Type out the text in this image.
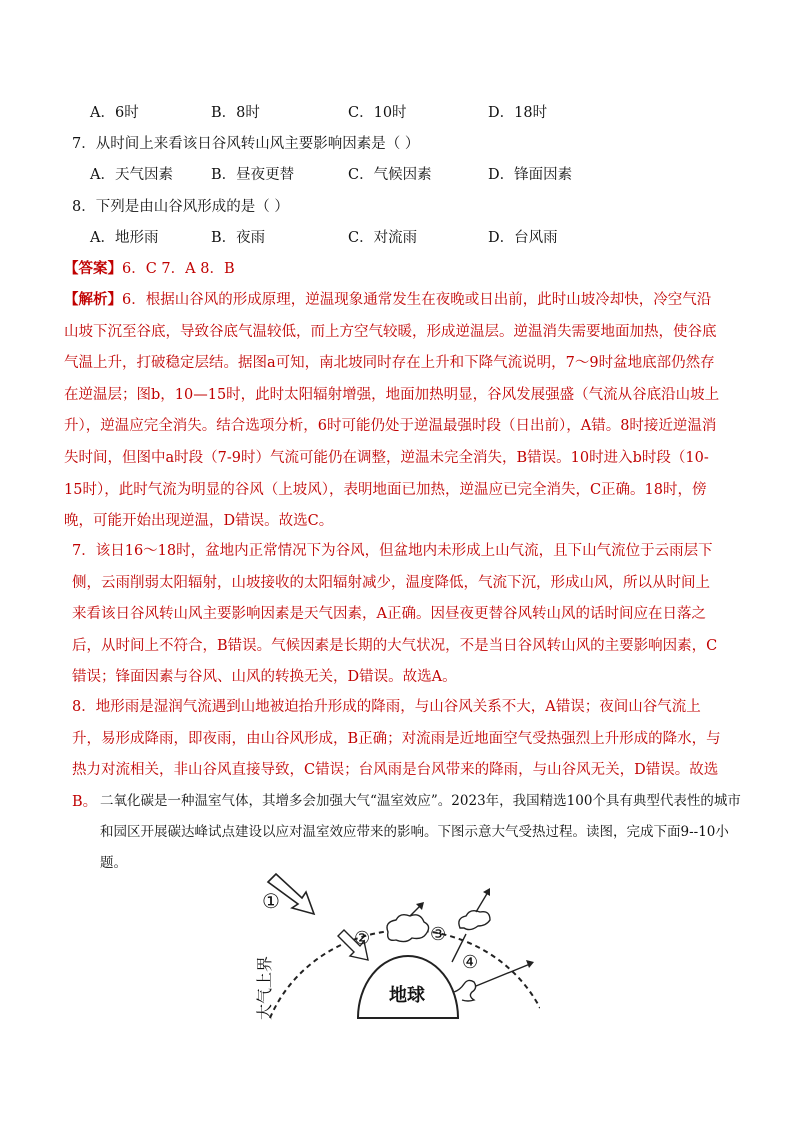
A．6时	B．8时	C．10时	D．18时
7．从时间上来看该日谷风转山风主要影响因素是（ ）
A．天气因素	B．昼夜更替	C．气候因素	D．锋面因素
8．下列是由山谷风形成的是（ ）
A．地形雨	B．夜雨	C．对流雨	D．台风雨
【答案】6．C 7．A 8．B
【解析】6．根据山谷风的形成原理，逆温现象通常发生在夜晚或日出前，此时山坡冷却快，冷空气沿山坡下沉至谷底，导致谷底气温较低，而上方空气较暖，形成逆温层。逆温消失需要地面加热，使谷底气温上升，打破稳定层结。据图a可知，南北坡同时存在上升和下降气流说明，7～9时盆地底部仍然存在逆温层；图b，10—15时，此时太阳辐射增强，地面加热明显，谷风发展强盛（气流从谷底沿山坡上升），逆温应完全消失。结合选项分析，6时可能仍处于逆温最强时段（日出前），A错。8时接近逆温消失时间，但图中a时段（7-9时）气流可能仍在调整，逆温未完全消失，B错误。10时进入b时段（10-15时），此时气流为明显的谷风（上坡风），表明地面已加热，逆温应已完全消失，C正确。18时，傍晚，可能开始出现逆温，D错误。故选C。
7．该日16～18时，盆地内正常情况下为谷风，但盆地内未形成上山气流，且下山气流位于云雨层下侧，云雨削弱太阳辐射，山坡接收的太阳辐射减少，温度降低，气流下沉，形成山风，所以从时间上来看该日谷风转山风主要影响因素是天气因素，A正确。因昼夜更替谷风转山风的话时间应在日落之后，从时间上不符合，B错误。气候因素是长期的大气状况，不是当日谷风转山风的主要影响因素，C错误；锋面因素与谷风、山风的转换无关，D错误。故选A。
8．地形雨是湿润气流遇到山地被迫抬升形成的降雨，与山谷风关系不大，A错误；夜间山谷气流上升，易形成降雨，即夜雨，由山谷风形成，B正确；对流雨是近地面空气受热强烈上升形成的降水，与热力对流相关，非山谷风直接导致，C错误；台风雨是台风带来的降雨，与山谷风无关，D错误。故选B。 二氧化碳是一种温室气体，其增多会加强大气“温室效应”。2023年，我国精选100个具有典型代表性的城市和园区开展碳达峰试点建设以应对温室效应带来的影响。下图示意大气受热过程。读图，完成下面9--10小题。
地球
大气上界
①
②	③
④
